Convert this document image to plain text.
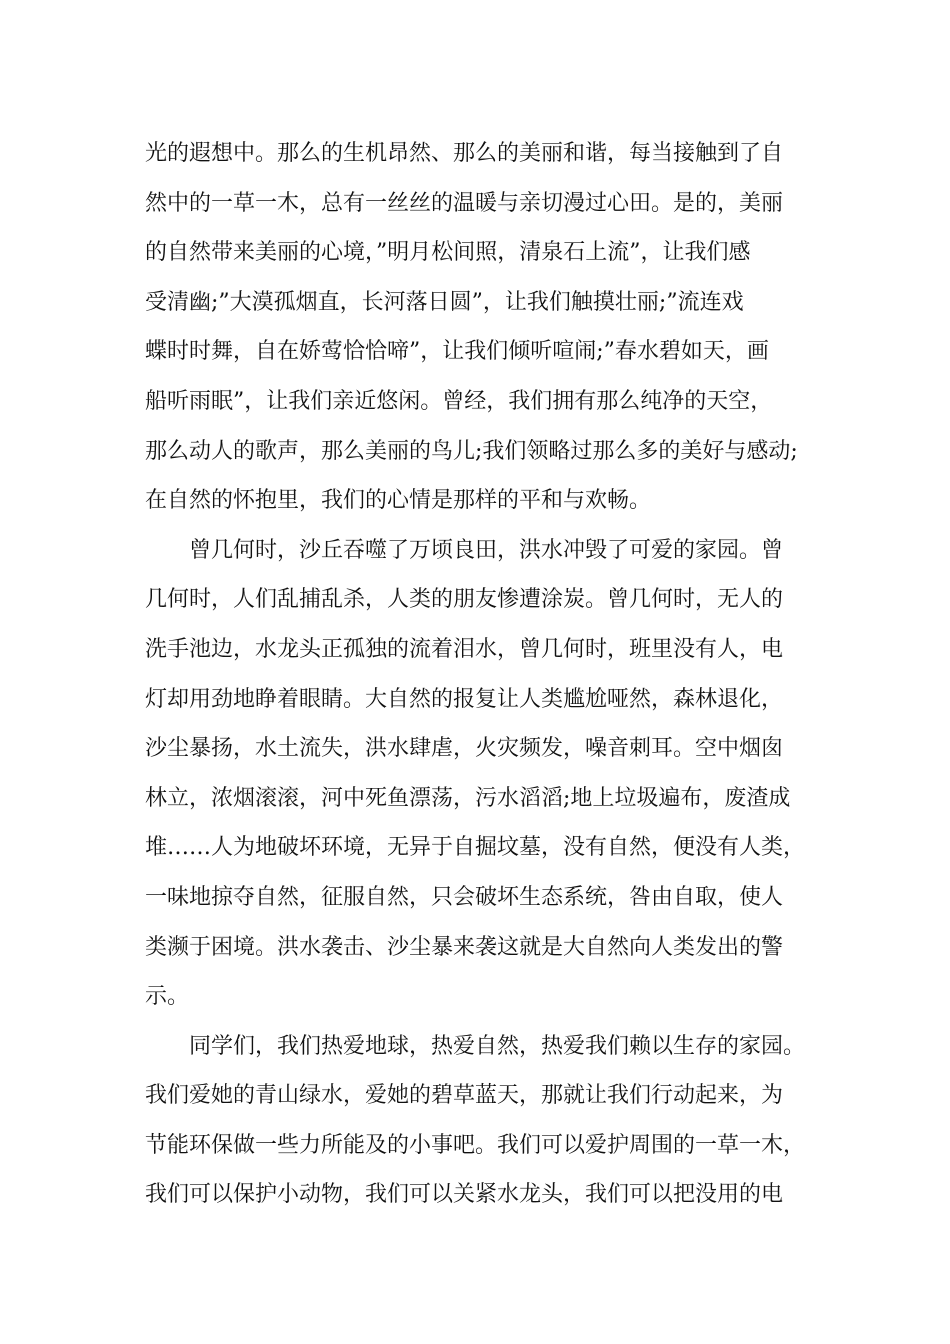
光的遐想中。那么的生机昂然、那么的美丽和谐，每当接触到了自
然中的一草一木，总有一丝丝的温暖与亲切漫过心田。是的，美丽
的自然带来美丽的心境，”明月松间照，清泉石上流”，让我们感
受清幽;”大漠孤烟直，长河落日圆”，让我们触摸壮丽;”流连戏
蝶时时舞，自在娇莺恰恰啼”，让我们倾听喧闹;”春水碧如天，画
船听雨眠”，让我们亲近悠闲。曾经，我们拥有那么纯净的天空，
那么动人的歌声，那么美丽的鸟儿;我们领略过那么多的美好与感动;
在自然的怀抱里，我们的心情是那样的平和与欢畅。
曾几何时，沙丘吞噬了万顷良田，洪水冲毁了可爱的家园。曾
几何时，人们乱捕乱杀，人类的朋友惨遭涂炭。曾几何时，无人的
洗手池边，水龙头正孤独的流着泪水，曾几何时，班里没有人，电
灯却用劲地睁着眼睛。大自然的报复让人类尴尬哑然，森林退化，
沙尘暴扬，水土流失，洪水肆虐，火灾频发，噪音刺耳。空中烟囱
林立，浓烟滚滚，河中死鱼漂荡，污水滔滔;地上垃圾遍布，废渣成
堆……人为地破坏环境，无异于自掘坟墓，没有自然，便没有人类，
一味地掠夺自然，征服自然，只会破坏生态系统，咎由自取，使人
类濒于困境。洪水袭击、沙尘暴来袭这就是大自然向人类发出的警
示。
同学们，我们热爱地球，热爱自然，热爱我们赖以生存的家园。
我们爱她的青山绿水，爱她的碧草蓝天，那就让我们行动起来，为
节能环保做一些力所能及的小事吧。我们可以爱护周围的一草一木，
我们可以保护小动物，我们可以关紧水龙头，我们可以把没用的电
